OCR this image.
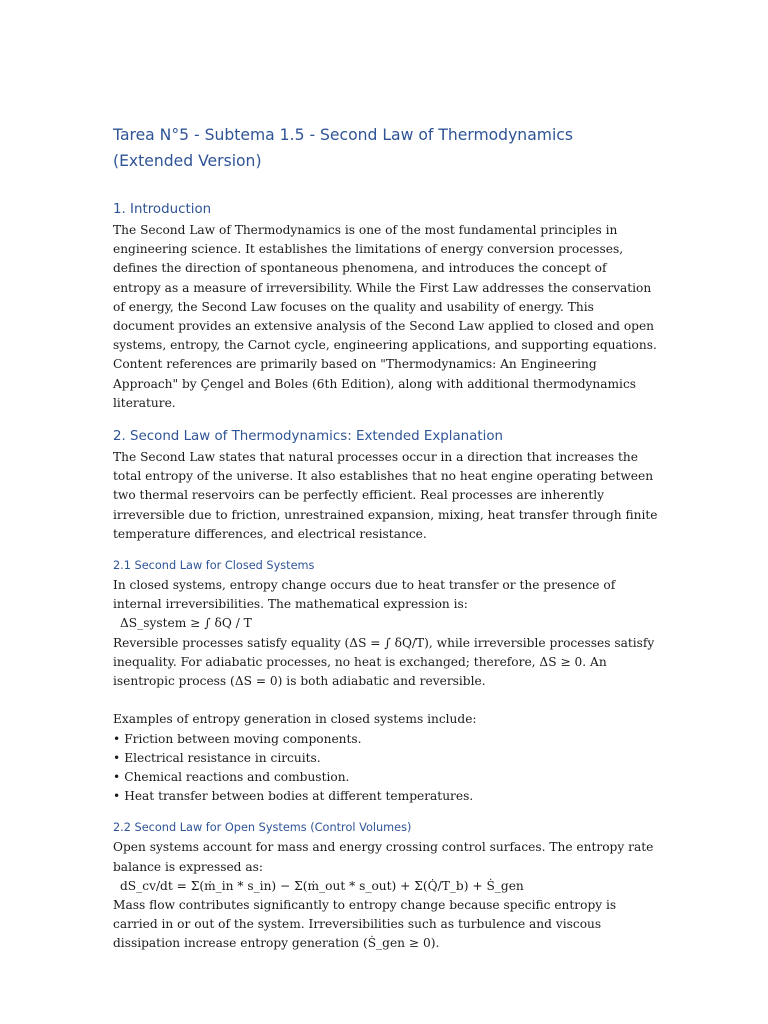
Tarea N°5 - Subtema 1.5 - Second Law of Thermodynamics (Extended Version)
1. Introduction

The Second Law of Thermodynamics is one of the most fundamental principles in engineering science. It establishes the limitations of energy conversion processes, defines the direction of spontaneous phenomena, and introduces the concept of entropy as a measure of irreversibility. While the First Law addresses the conservation of energy, the Second Law focuses on the quality and usability of energy. This document provides an extensive analysis of the Second Law applied to closed and open systems, entropy, the Carnot cycle, engineering applications, and supporting equations. Content references are primarily based on "Thermodynamics: An Engineering Approach" by Çengel and Boles (6th Edition), along with additional thermodynamics literature.

2. Second Law of Thermodynamics: Extended Explanation

The Second Law states that natural processes occur in a direction that increases the total entropy of the universe. It also establishes that no heat engine operating between two thermal reservoirs can be perfectly efficient. Real processes are inherently irreversible due to friction, unrestrained expansion, mixing, heat transfer through finite temperature differences, and electrical resistance.

2.1 Second Law for Closed Systems

In closed systems, entropy change occurs due to heat transfer or the presence of internal irreversibilities. The mathematical expression is:

ΔS_system ≥ ∫ δQ / T

Reversible processes satisfy equality (ΔS = ∫ δQ/T), while irreversible processes satisfy inequality. For adiabatic processes, no heat is exchanged; therefore, ΔS ≥ 0. An isentropic process (ΔS = 0) is both adiabatic and reversible.

Examples of entropy generation in closed systems include:

• Friction between moving components.
• Electrical resistance in circuits.
• Chemical reactions and combustion.
• Heat transfer between bodies at different temperatures.
2.2 Second Law for Open Systems (Control Volumes)

Open systems account for mass and energy crossing control surfaces. The entropy rate balance is expressed as:

dS_cv/dt = Σ(ṁ_in * s_in) − Σ(ṁ_out * s_out) + Σ(Q̇/T_b) + Ṡ_gen

Mass flow contributes significantly to entropy change because specific entropy is carried in or out of the system. Irreversibilities such as turbulence and viscous dissipation increase entropy generation (Ṡ_gen ≥ 0).
